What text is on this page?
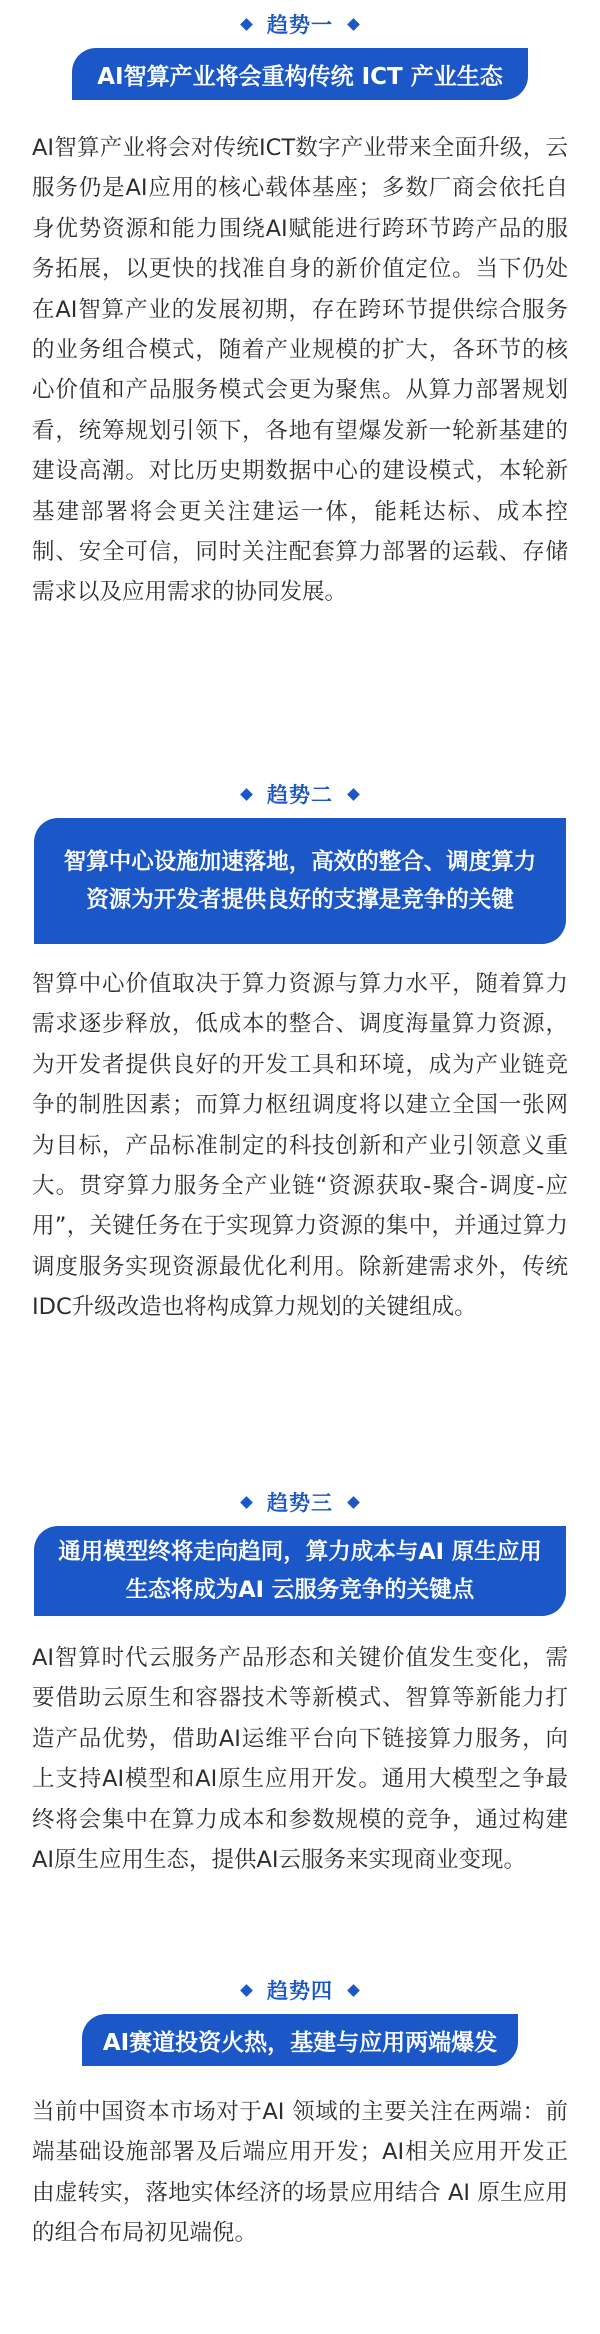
趋势一
AI智算产业将会重构传统 ICT 产业生态
AI智算产业将会对传统ICT数字产业带来全面升级，云服务仍是AI应用的核心载体基座；多数厂商会依托自身优势资源和能力围绕AI赋能进行跨环节跨产品的服务拓展，以更快的找准自身的新价值定位。当下仍处在AI智算产业的发展初期，存在跨环节提供综合服务的业务组合模式，随着产业规模的扩大，各环节的核心价值和产品服务模式会更为聚焦。从算力部署规划看，统筹规划引领下，各地有望爆发新一轮新基建的建设高潮。对比历史期数据中心的建设模式，本轮新基建部署将会更关注建运一体，能耗达标、成本控制、安全可信，同时关注配套算力部署的运载、存储需求以及应用需求的协同发展。
趋势二
智算中心设施加速落地，高效的整合、调度算力资源为开发者提供良好的支撑是竞争的关键
智算中心价值取决于算力资源与算力水平，随着算力需求逐步释放，低成本的整合、调度海量算力资源，为开发者提供良好的开发工具和环境，成为产业链竞争的制胜因素；而算力枢纽调度将以建立全国一张网为目标，产品标准制定的科技创新和产业引领意义重大。贯穿算力服务全产业链“资源获取-聚合-调度-应用”，关键任务在于实现算力资源的集中，并通过算力调度服务实现资源最优化利用。除新建需求外，传统IDC升级改造也将构成算力规划的关键组成。
趋势三
通用模型终将走向趋同，算力成本与AI 原生应用生态将成为AI 云服务竞争的关键点
AI智算时代云服务产品形态和关键价值发生变化，需要借助云原生和容器技术等新模式、智算等新能力打造产品优势，借助AI运维平台向下链接算力服务，向上支持AI模型和AI原生应用开发。通用大模型之争最终将会集中在算力成本和参数规模的竞争，通过构建AI原生应用生态，提供AI云服务来实现商业变现。
趋势四
AI赛道投资火热，基建与应用两端爆发
当前中国资本市场对于AI 领域的主要关注在两端：前端基础设施部署及后端应用开发；AI相关应用开发正由虚转实，落地实体经济的场景应用结合 AI 原生应用的组合布局初见端倪。
